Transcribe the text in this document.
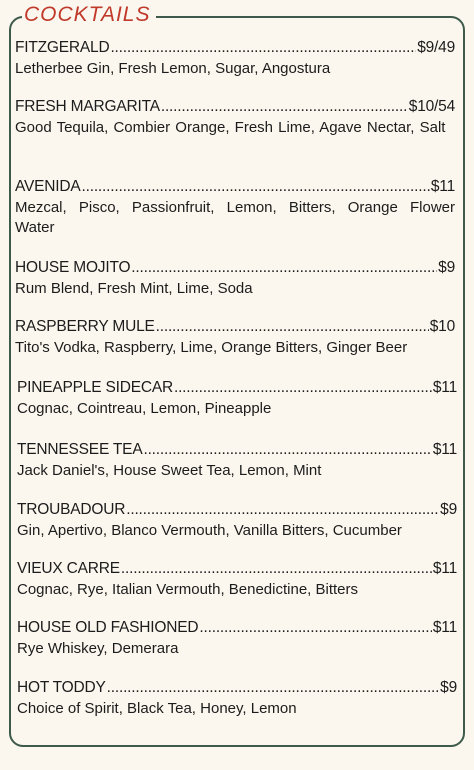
COCKTAILS
FITZGERALD .....	$9/49
Letherbee Gin, Fresh Lemon, Sugar, Angostura
FRESH MARGARITA .....	$10/54
Good Tequila, Combier Orange, Fresh Lime, Agave Nectar, Salt
AVENIDA .....	$11
Mezcal, Pisco, Passionfruit, Lemon, Bitters, Orange Flower Water
HOUSE MOJITO .....	$9
Rum Blend, Fresh Mint, Lime, Soda
RASPBERRY MULE .....	$10
Tito's Vodka, Raspberry, Lime, Orange Bitters, Ginger Beer
PINEAPPLE SIDECAR .....	$11
Cognac, Cointreau, Lemon, Pineapple
TENNESSEE TEA .....	$11
Jack Daniel's, House Sweet Tea, Lemon, Mint
TROUBADOUR .....	$9
Gin, Apertivo, Blanco Vermouth, Vanilla Bitters, Cucumber
VIEUX CARRE .....	$11
Cognac, Rye, Italian Vermouth, Benedictine, Bitters
HOUSE OLD FASHIONED .....	$11
Rye Whiskey, Demerara
HOT TODDY .....	$9
Choice of Spirit, Black Tea, Honey, Lemon
